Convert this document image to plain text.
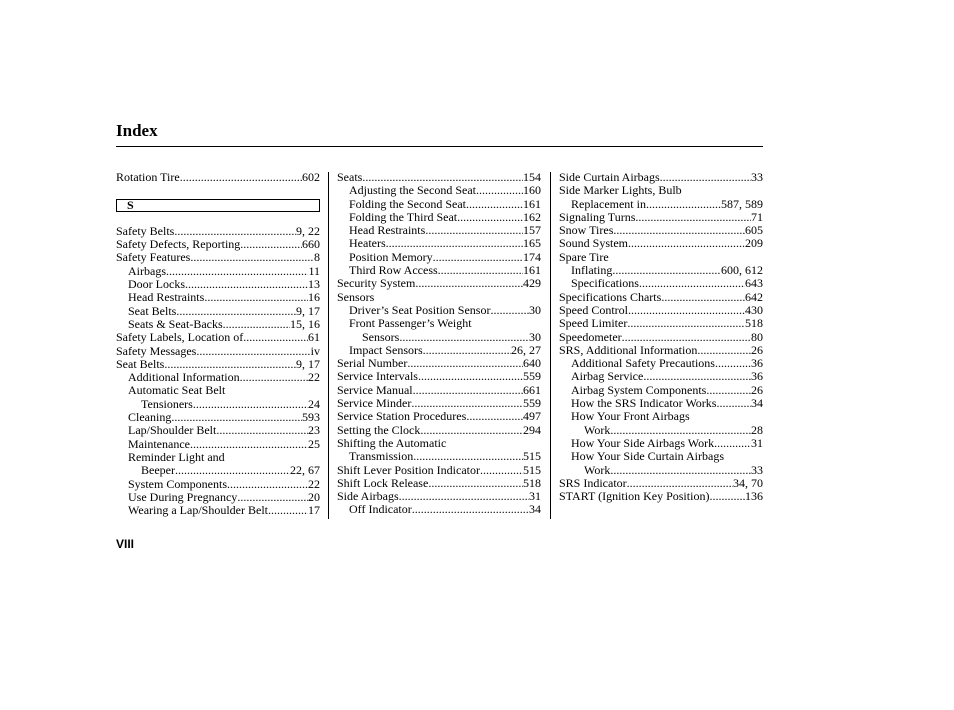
Index
Rotation Tire .....	602
S
Safety Belts .....	9, 22
Safety Defects, Reporting .....	660
Safety Features .....	8
Airbags .....	11
Door Locks .....	13
Head Restraints .....	16
Seat Belts .....	9, 17
Seats & Seat-Backs .....	15, 16
Safety Labels, Location of .....	61
Safety Messages .....	iv
Seat Belts .....	9, 17
Additional Information .....	22
Automatic Seat Belt
Tensioners .....	24
Cleaning .....	593
Lap/Shoulder Belt .....	23
Maintenance .....	25
Reminder Light and
Beeper .....	22, 67
System Components .....	22
Use During Pregnancy .....	20
Wearing a Lap/Shoulder Belt .....	17
Seats .....	154
Adjusting the Second Seat .....	160
Folding the Second Seat .....	161
Folding the Third Seat .....	162
Head Restraints .....	157
Heaters .....	165
Position Memory .....	174
Third Row Access .....	161
Security System .....	429
Sensors
Driver’s Seat Position Sensor .....	30
Front Passenger’s Weight
Sensors .....	30
Impact Sensors .....	26, 27
Serial Number .....	640
Service Intervals .....	559
Service Manual .....	661
Service Minder .....	559
Service Station Procedures .....	497
Setting the Clock .....	294
Shifting the Automatic
Transmission .....	515
Shift Lever Position Indicator .....	515
Shift Lock Release .....	518
Side Airbags .....	31
Off Indicator .....	34
Side Curtain Airbags .....	33
Side Marker Lights, Bulb
Replacement in .....	587, 589
Signaling Turns .....	71
Snow Tires .....	605
Sound System .....	209
Spare Tire
Inflating .....	600, 612
Specifications .....	643
Specifications Charts .....	642
Speed Control .....	430
Speed Limiter .....	518
Speedometer .....	80
SRS, Additional Information .....	26
Additional Safety Precautions .....	36
Airbag Service .....	36
Airbag System Components .....	26
How the SRS Indicator Works .....	34
How Your Front Airbags
Work .....	28
How Your Side Airbags Work .....	31
How Your Side Curtain Airbags
Work .....	33
SRS Indicator .....	34, 70
START (Ignition Key Position) .....	136
VIII
